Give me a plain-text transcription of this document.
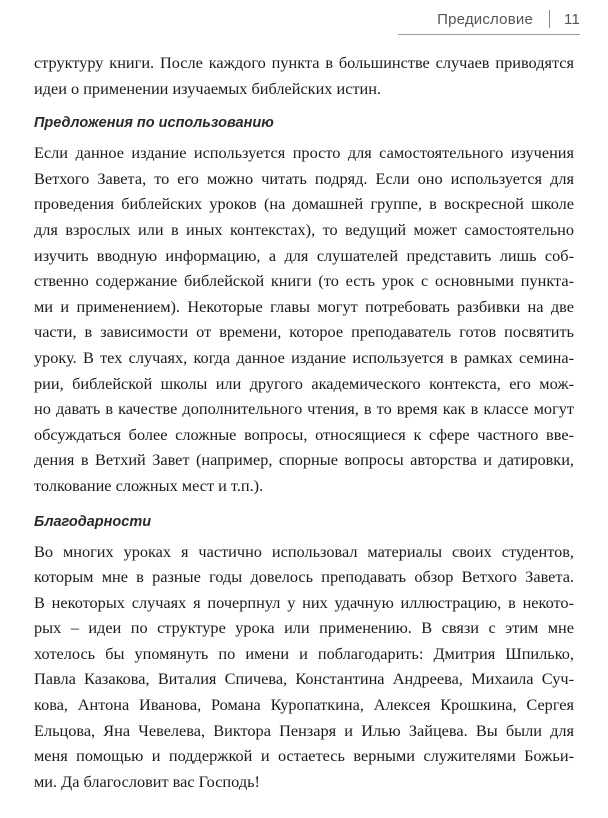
Предисловие 11

структуру книги. После каждого пункта в большинстве случаев приводятся
идеи о применении изучаемых библейских истин.

Предложения по использованию

Если данное издание используется просто для самостоятельного изучения
Ветхого Завета, то его можно читать подряд. Если оно используется для
проведения библейских уроков (на домашней группе, в воскресной школе
для взрослых или в иных контекстах), то ведущий может самостоятельно
изучить вводную информацию, а для слушателей представить лишь соб-
ственно содержание библейской книги (то есть урок с основными пункта-
ми и применением). Некоторые главы могут потребовать разбивки на две
части, в зависимости от времени, которое преподаватель готов посвятить
уроку. В тех случаях, когда данное издание используется в рамках семина-
рии, библейской школы или другого академического контекста, его мож-
но давать в качестве дополнительного чтения, в то время как в классе могут
обсуждаться более сложные вопросы, относящиеся к сфере частного вве-
дения в Ветхий Завет (например, спорные вопросы авторства и датировки,
толкование сложных мест и т.п.).

Благодарности

Во многих уроках я частично использовал материалы своих студентов,
которым мне в разные годы довелось преподавать обзор Ветхого Завета.
В некоторых случаях я почерпнул у них удачную иллюстрацию, в некото-
рых – идеи по структуре урока или применению. В связи с этим мне
хотелось бы упомянуть по имени и поблагодарить: Дмитрия Шпилько,
Павла Казакова, Виталия Спичева, Константина Андреева, Михаила Суч-
кова, Антона Иванова, Романа Куропаткина, Алексея Крошкина, Сергея
Ельцова, Яна Чевелева, Виктора Пензаря и Илью Зайцева. Вы были для
меня помощью и поддержкой и остаетесь верными служителями Божьи-
ми. Да благословит вас Господь!
